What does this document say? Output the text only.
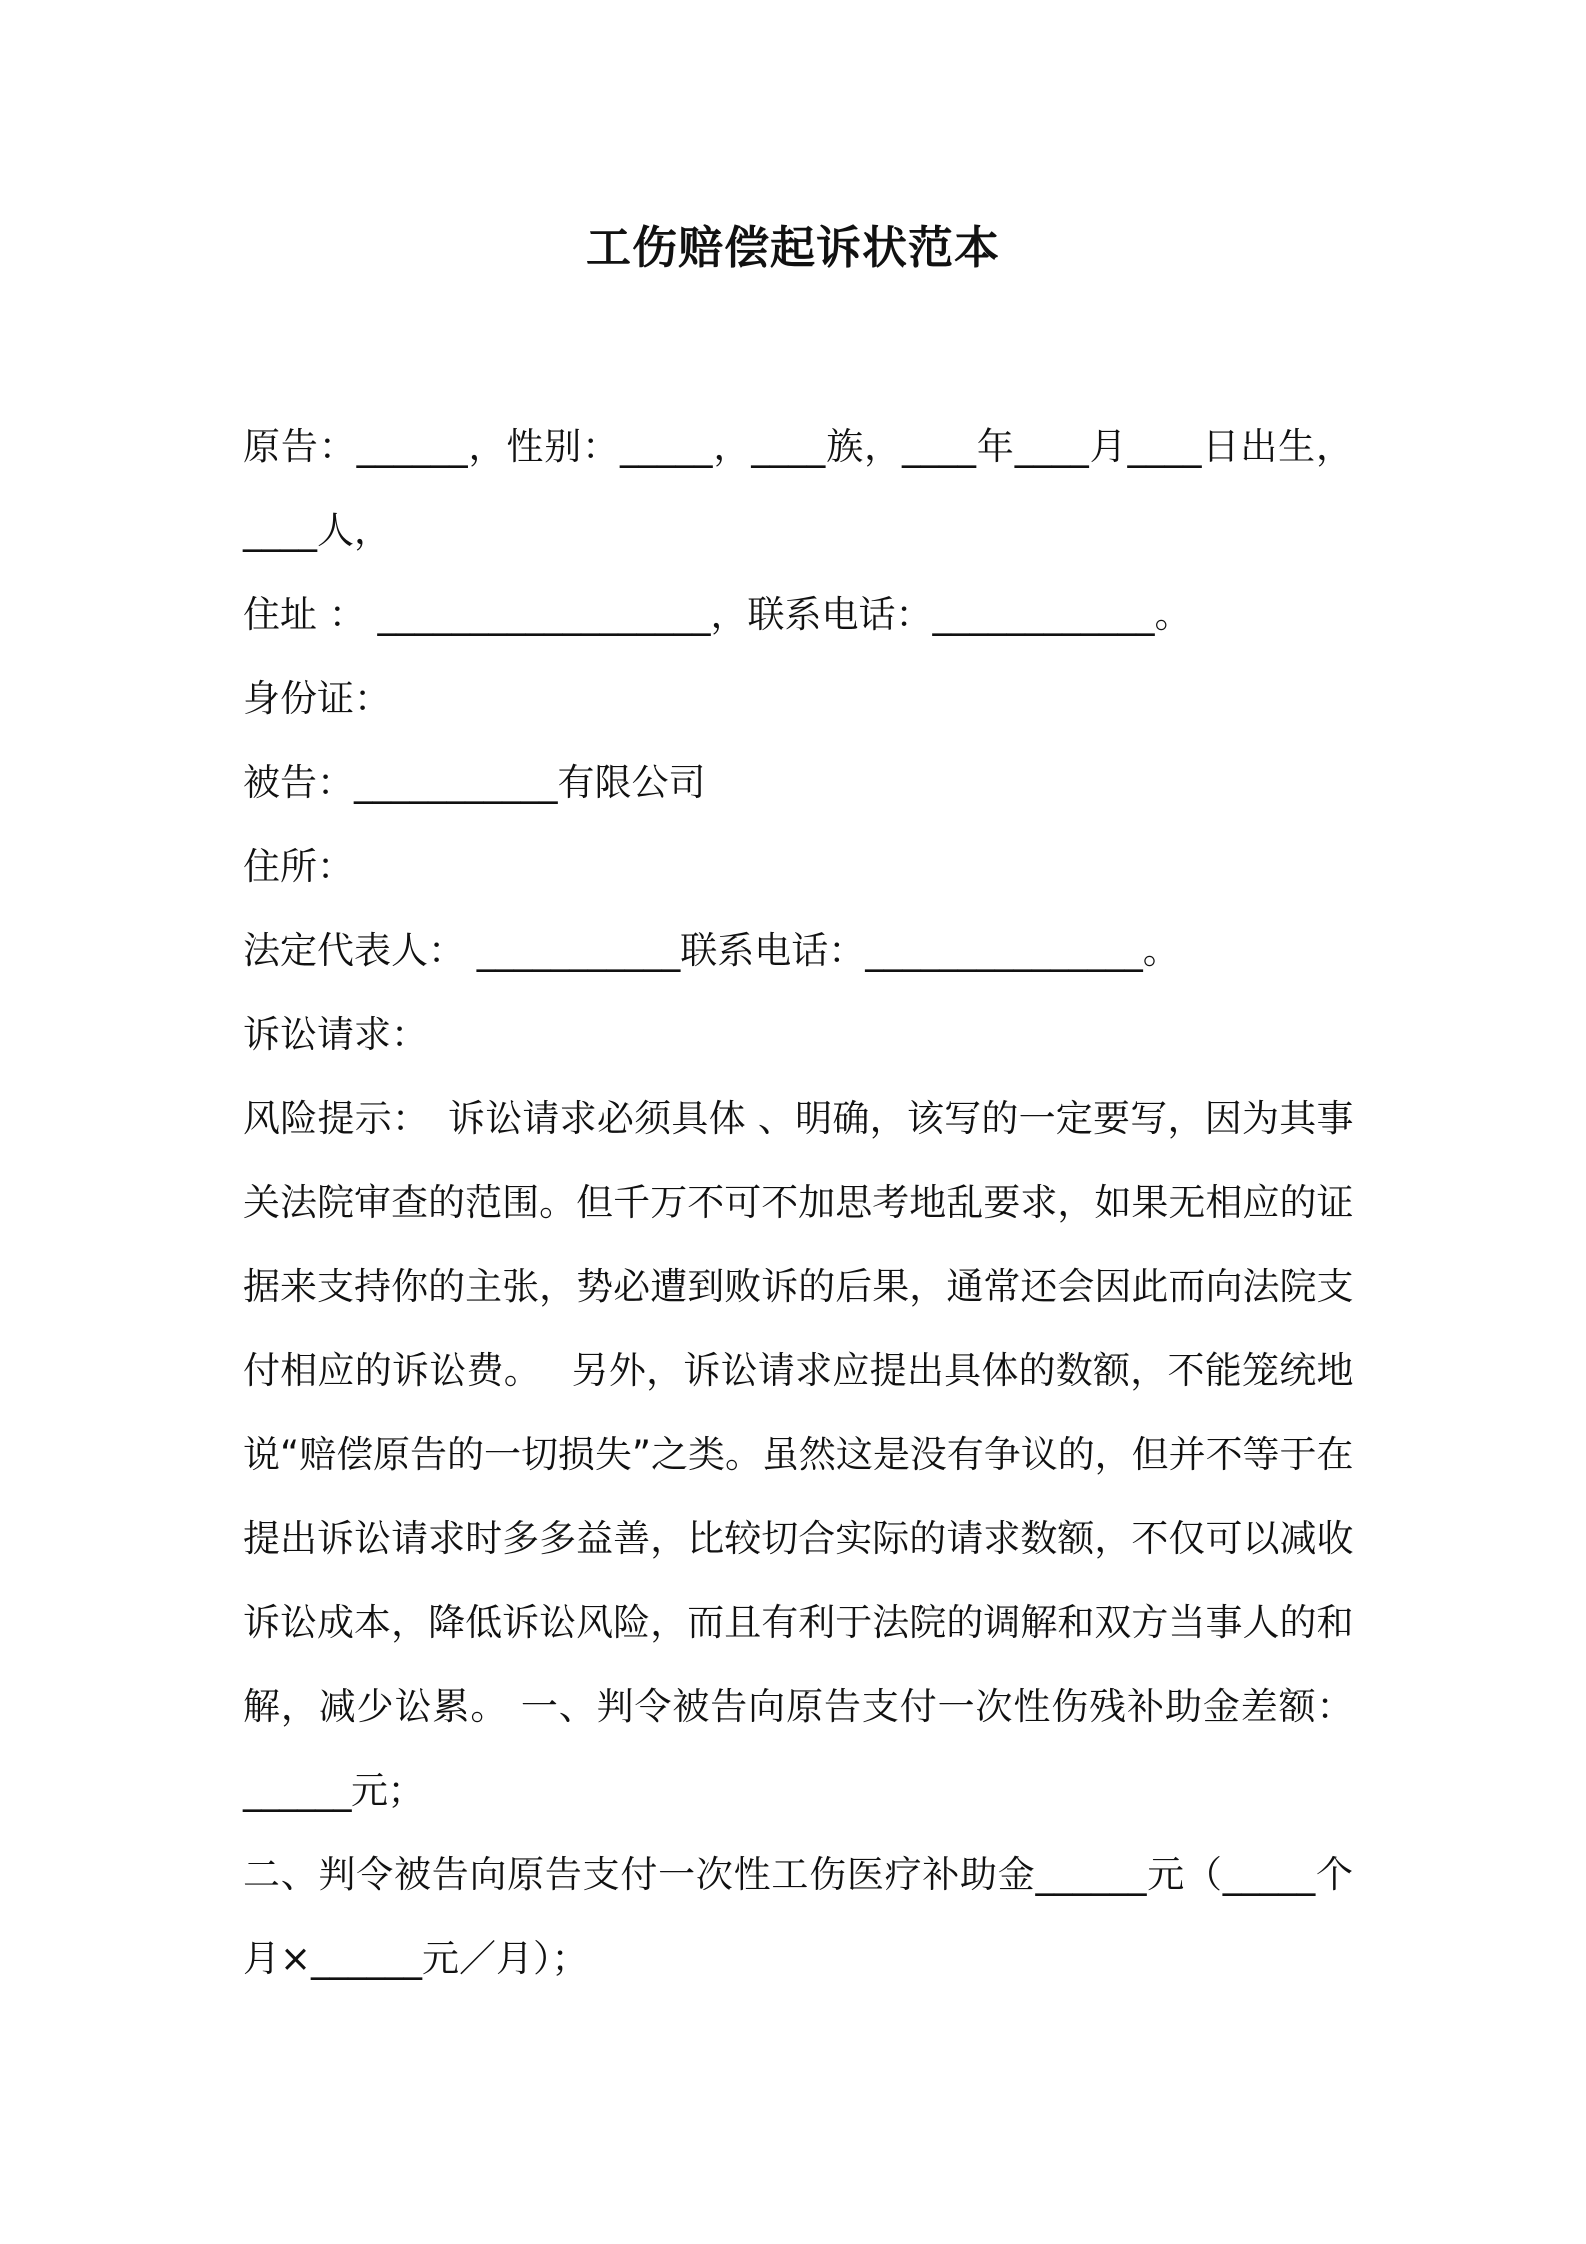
工伤赔偿起诉状范本

原告：______，性别：_____，____族，____年____月____日出生，____人，

住址 ： __________________，联系电话：____________。

身份证：

被告：___________有限公司

住所：

法定代表人： ___________联系电话：_______________。

诉讼请求：

风险提示：　诉讼请求必须具体 、明确，该写的一定要写，因为其事关法院审查的范围。但千万不可不加思考地乱要求，如果无相应的证据来支持你的主张，势必遭到败诉的后果，通常还会因此而向法院支付相应的诉讼费。　 另外，诉讼请求应提出具体的数额，不能笼统地说“赔偿原告的一切损失”之类。虽然这是没有争议的，但并不等于在提出诉讼请求时多多益善，比较切合实际的请求数额，不仅可以减收诉讼成本，降低诉讼风险，而且有利于法院的调解和双方当事人的和解，减少讼累。 一、判令被告向原告支付一次性伤残补助金差额：______元；

二、判令被告向原告支付一次性工伤医疗补助金______元（_____个月×______元／月）；
